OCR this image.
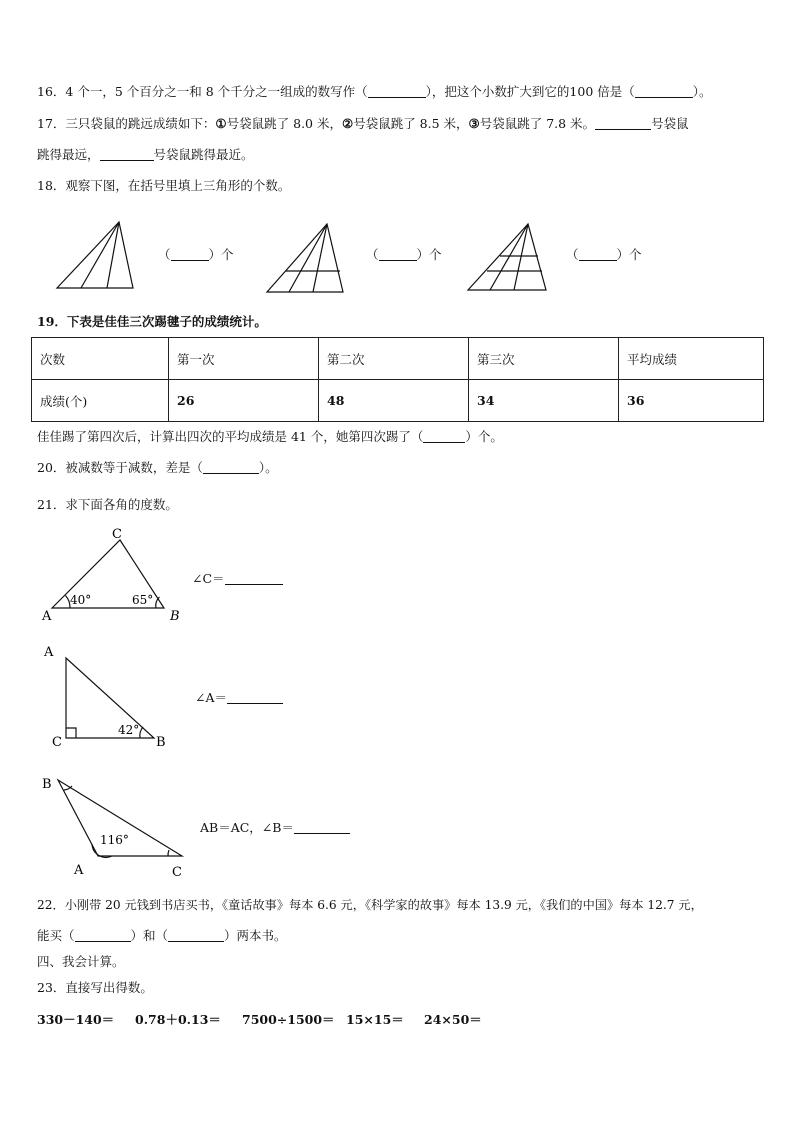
16．4 个一，5 个百分之一和 8 个千分之一组成的数写作（	），把这个小数扩大到它的100 倍是（	）。
17．三只袋鼠的跳远成绩如下：①号袋鼠跳了 8.0 米，②号袋鼠跳了 8.5 米，③号袋鼠跳了 7.8 米。	号袋鼠
跳得最远，	号袋鼠跳得最近。
18．观察下图，在括号里填上三角形的个数。
（	）个	（	）个	（	）个
19．下表是佳佳三次踢毽子的成绩统计。
次数	第一次	第二次	第三次	平均成绩
成绩(个)	26	48	34	36
佳佳踢了第四次后，计算出四次的平均成绩是 41 个，她第四次踢了（	）个。
20．被减数等于减数，差是（	）。
21．求下面各角的度数。
C
A	B
40°	65°
∠C＝
A
C	B
42°
∠A＝
B
A	C
116°
AB＝AC，∠B＝
22．小刚带 20 元钱到书店买书，《童话故事》每本 6.6 元，《科学家的故事》每本 13.9 元，《我们的中国》每本 12.7 元，
能买（	）和（	）两本书。
四、我会计算。
23．直接写出得数。
330－140＝ 0.78＋0.13＝ 7500÷1500＝ 15×15＝ 24×50＝
